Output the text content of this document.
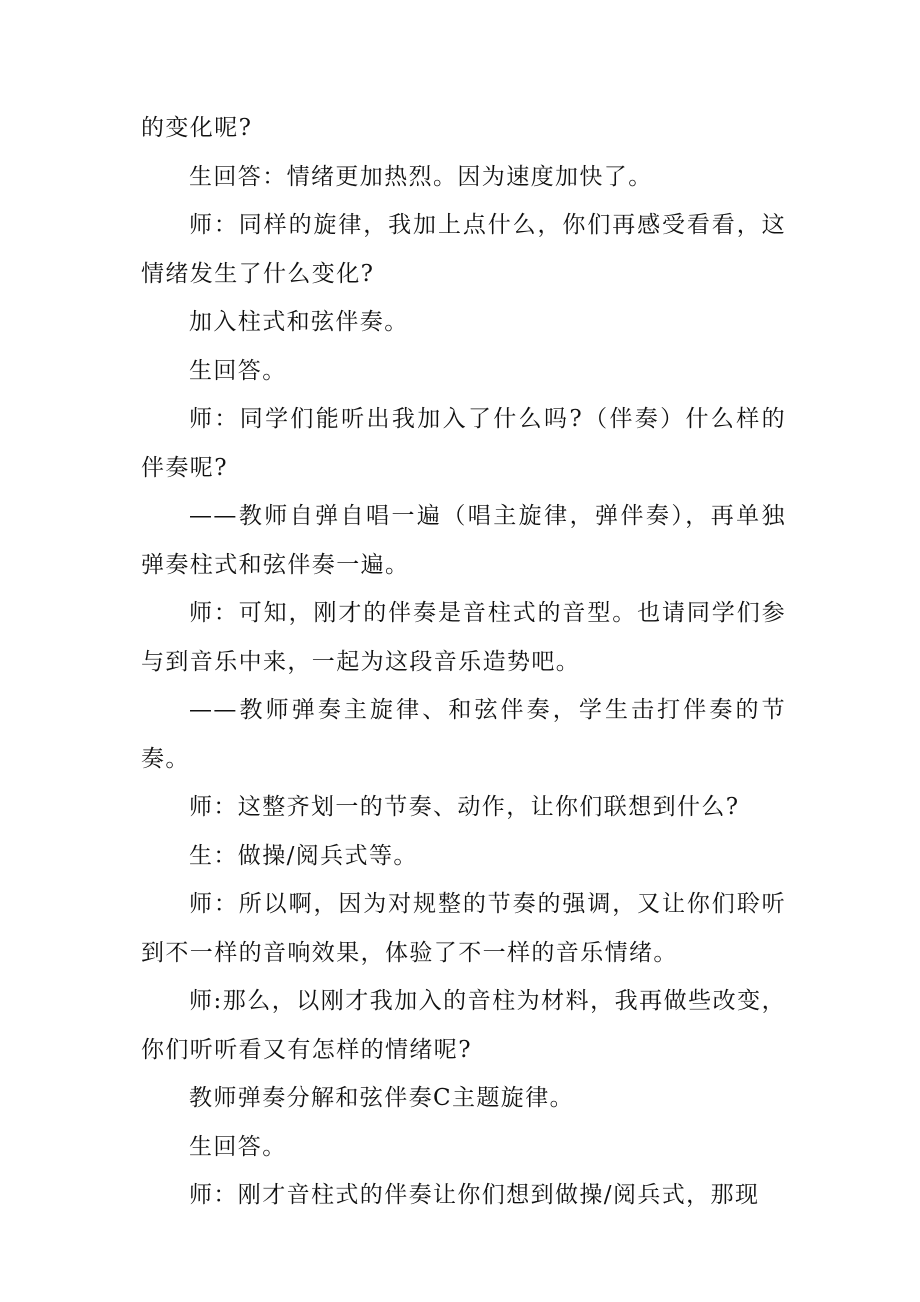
的变化呢?

生回答：情绪更加热烈。因为速度加快了。

师：同样的旋律，我加上点什么，你们再感受看看，这情绪发生了什么变化?

加入柱式和弦伴奏。

生回答。

师：同学们能听出我加入了什么吗?（伴奏）什么样的伴奏呢?

——教师自弹自唱一遍（唱主旋律，弹伴奏），再单独弹奏柱式和弦伴奏一遍。

师：可知，刚才的伴奏是音柱式的音型。也请同学们参与到音乐中来，一起为这段音乐造势吧。

——教师弹奏主旋律、和弦伴奏，学生击打伴奏的节奏。

师：这整齐划一的节奏、动作，让你们联想到什么?

生：做操/阅兵式等。

师：所以啊，因为对规整的节奏的强调，又让你们聆听到不一样的音响效果，体验了不一样的音乐情绪。

师:那么，以刚才我加入的音柱为材料，我再做些改变，你们听听看又有怎样的情绪呢?

教师弹奏分解和弦伴奏C主题旋律。

生回答。

师：刚才音柱式的伴奏让你们想到做操/阅兵式，那现
